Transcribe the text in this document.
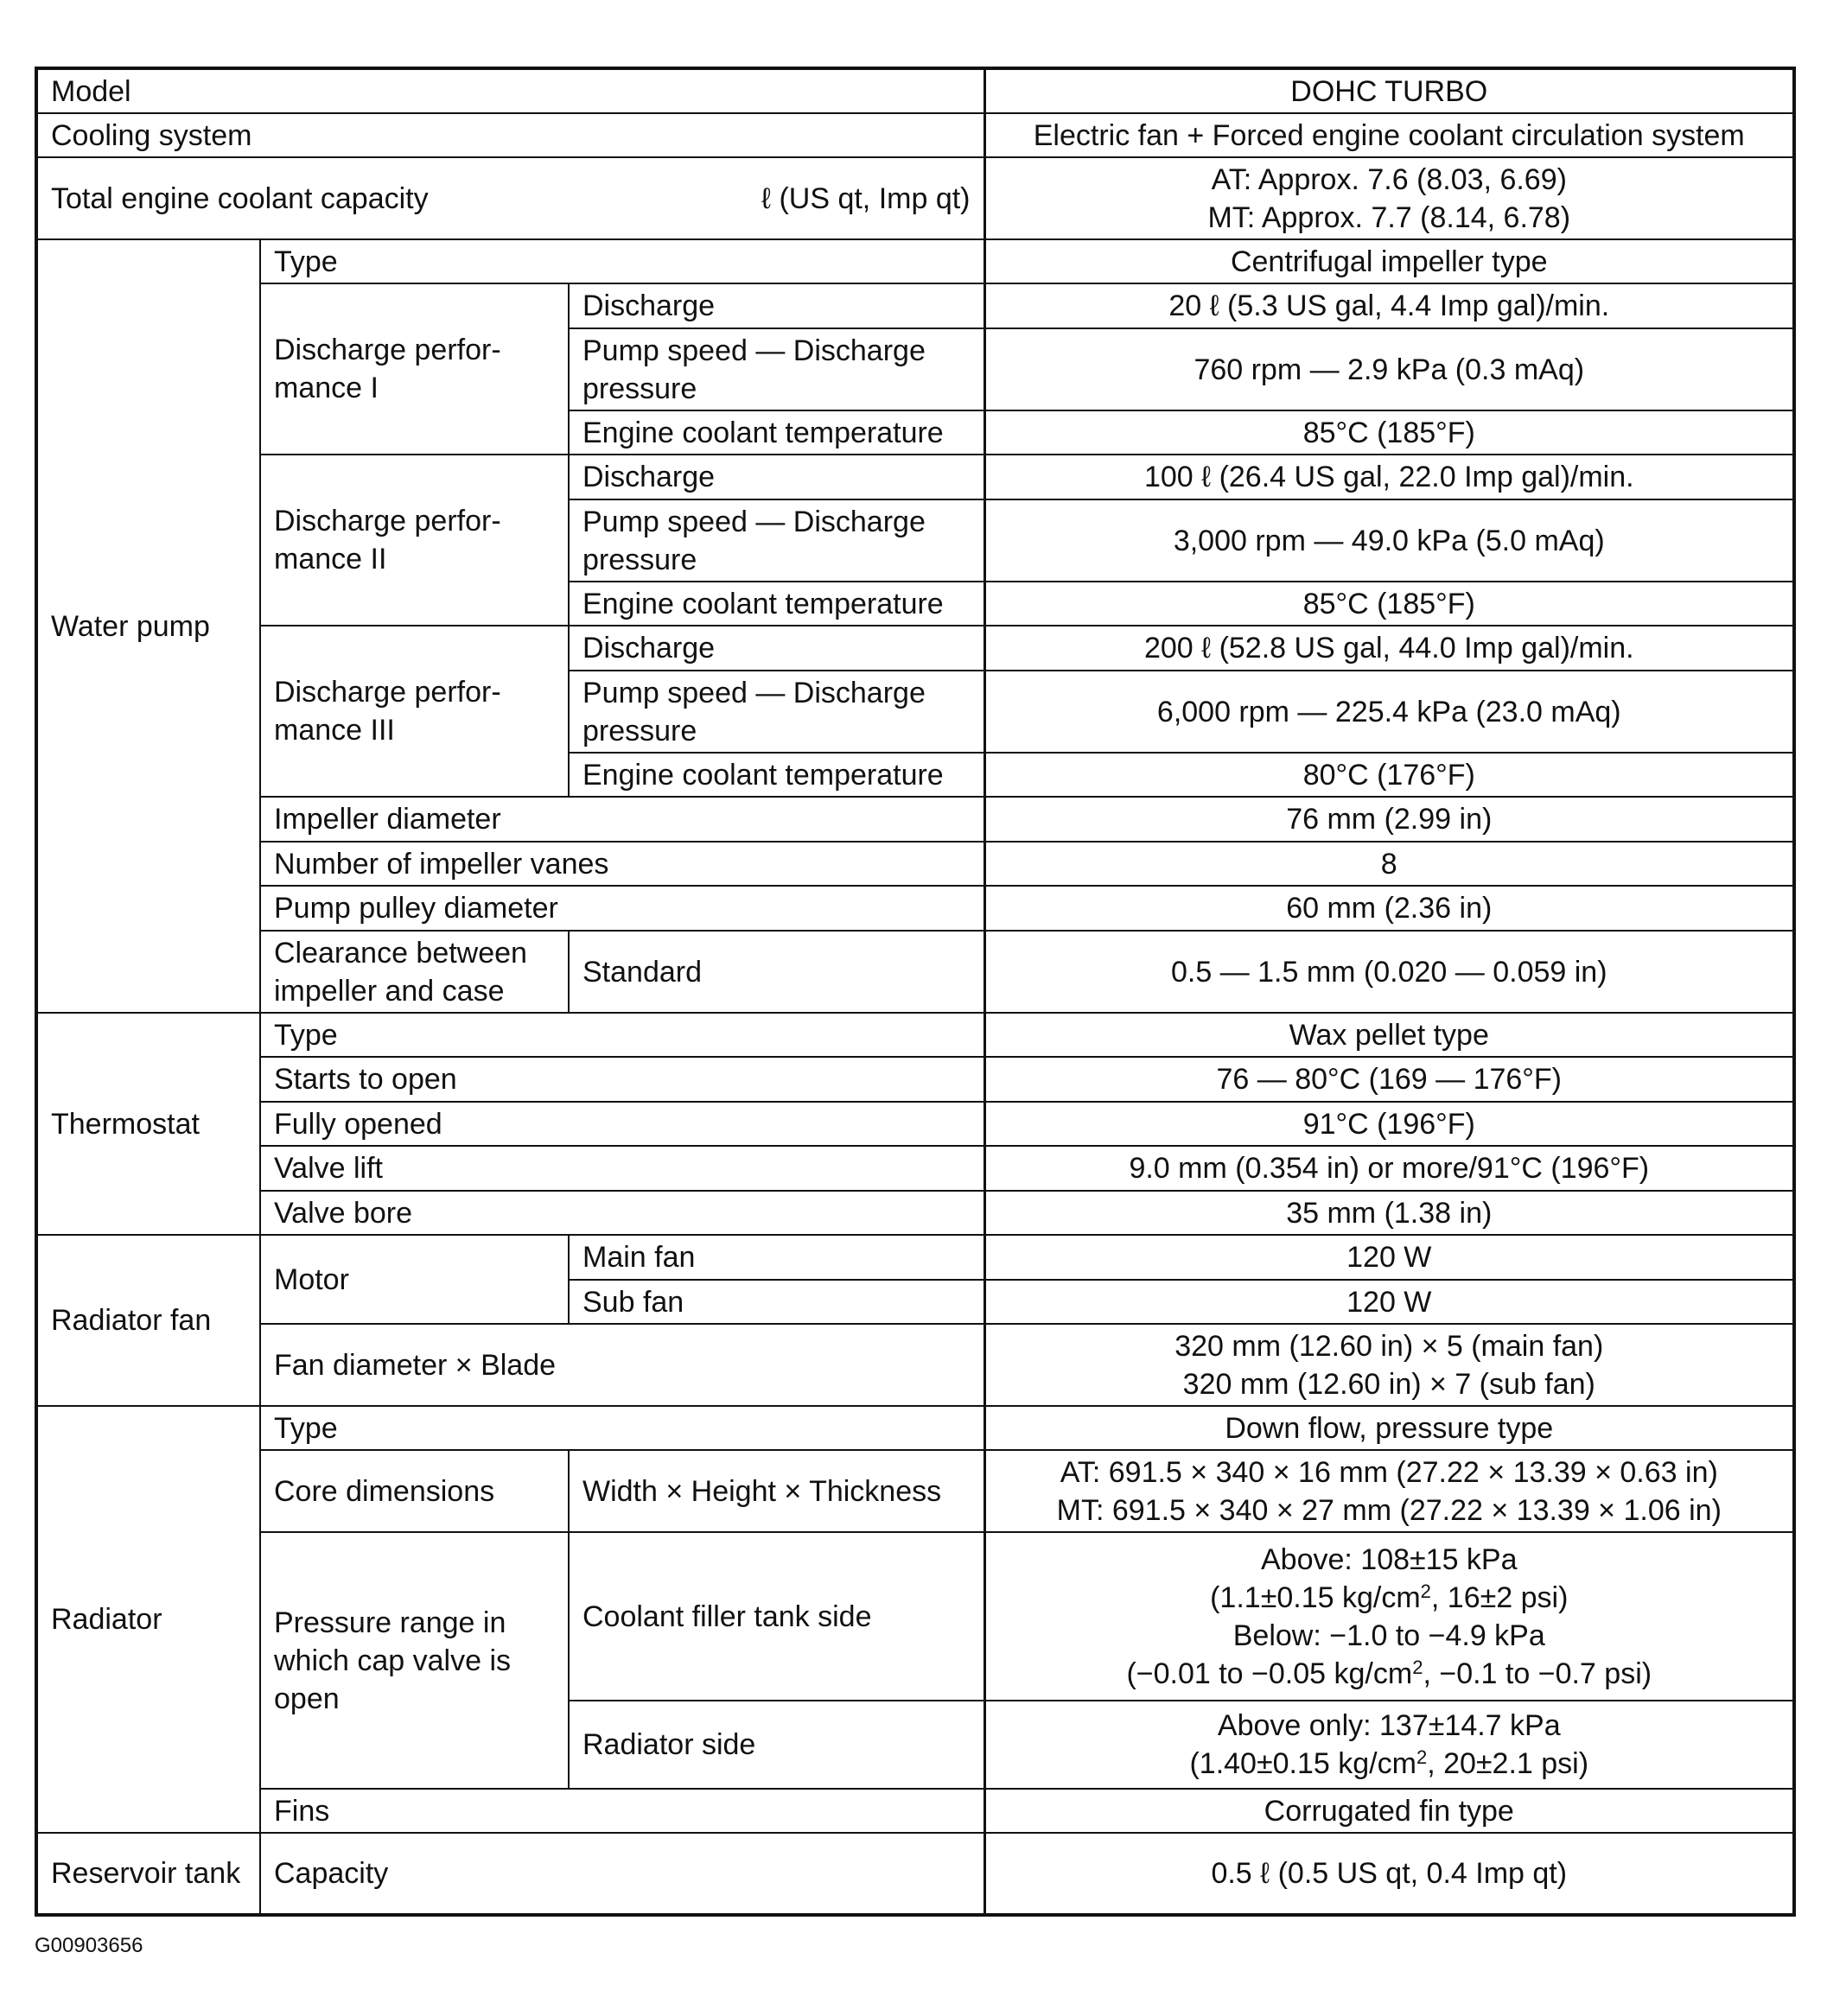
Model			DOHC TURBO
Cooling system			Electric fan + Forced engine coolant circulation system

Total engine coolant capacity ℓ (US qt, Imp qt)			AT: Approx. 7.6 (8.03, 6.69)
MT: Approx. 7.7 (8.14, 6.78)

Water pump	Type		Centrifugal impeller type
	Discharge perfor-mance I	Discharge	20 ℓ (5.3 US gal, 4.4 Imp gal)/min.
		Pump speed — Discharge pressure	760 rpm — 2.9 kPa (0.3 mAq)
		Engine coolant temperature	85°C (185°F)
	Discharge perfor-mance II	Discharge	100 ℓ (26.4 US gal, 22.0 Imp gal)/min.
		Pump speed — Discharge pressure	3,000 rpm — 49.0 kPa (5.0 mAq)
		Engine coolant temperature	85°C (185°F)
	Discharge perfor-mance III	Discharge	200 ℓ (52.8 US gal, 44.0 Imp gal)/min.
		Pump speed — Discharge pressure	6,000 rpm — 225.4 kPa (23.0 mAq)
		Engine coolant temperature	80°C (176°F)
	Impeller diameter		76 mm (2.99 in)
	Number of impeller vanes		8
	Pump pulley diameter		60 mm (2.36 in)
	Clearance between impeller and case	Standard	0.5 — 1.5 mm (0.020 — 0.059 in)
Thermostat	Type		Wax pellet type
	Starts to open		76 — 80°C (169 — 176°F)
	Fully opened		91°C (196°F)
	Valve lift		9.0 mm (0.354 in) or more/91°C (196°F)
	Valve bore		35 mm (1.38 in)
Radiator fan	Motor	Main fan	120 W
		Sub fan	120 W
	Fan diameter × Blade		320 mm (12.60 in) × 5 (main fan)
320 mm (12.60 in) × 7 (sub fan)

Radiator	Type		Down flow, pressure type
	Core dimensions	Width × Height × Thickness	AT: 691.5 × 340 × 16 mm (27.22 × 13.39 × 0.63 in)
MT: 691.5 × 340 × 27 mm (27.22 × 13.39 × 1.06 in)

	Pressure range in which cap valve is open	Coolant filler tank side	Above: 108±15 kPa
(1.1±0.15 $kg/cm^2$, 16±2 psi)
Below: −1.0 to −4.9 kPa
(−0.01 to −0.05 $kg/cm^2$, −0.1 to −0.7 psi)

		Radiator side	Above only: 137±14.7 kPa
(1.40±0.15 $kg/cm^2$, 20±2.1 psi)

	Fins		Corrugated fin type
Reservoir tank	Capacity		0.5 ℓ (0.5 US qt, 0.4 Imp qt)
G00903656
